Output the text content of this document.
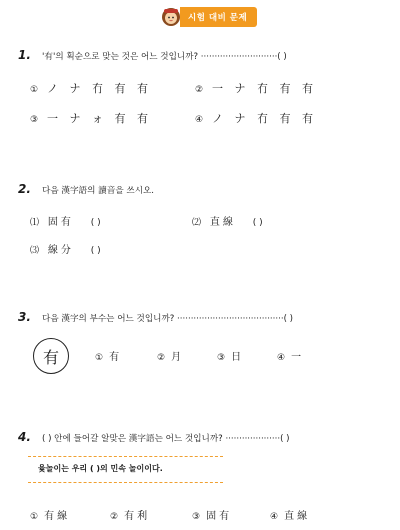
시험 대비 문제
1. '有'의 획순으로 맞는 것은 어느 것입니까? ····························( )
① ノ ナ 冇 有 有	② 一 ナ 冇 有 有
③ 一 ナ ォ 有 有	④ ノ ナ 冇 有 有
2. 다음 漢字語의 讀音을 쓰시오.
⑴ 固有 ( )	⑵ 直線 ( )
⑶ 線分 ( )
3. 다음 漢字의 부수는 어느 것입니까? ·······································( )
有	① 有	② 月	③ 日	④ 一
4. ( ) 안에 들어갈 알맞은 漢字語는 어느 것입니까? ····················( )
윷놀이는 우리 ( )의 민속 놀이이다.
① 有線	② 有利	③ 固有	④ 直線
